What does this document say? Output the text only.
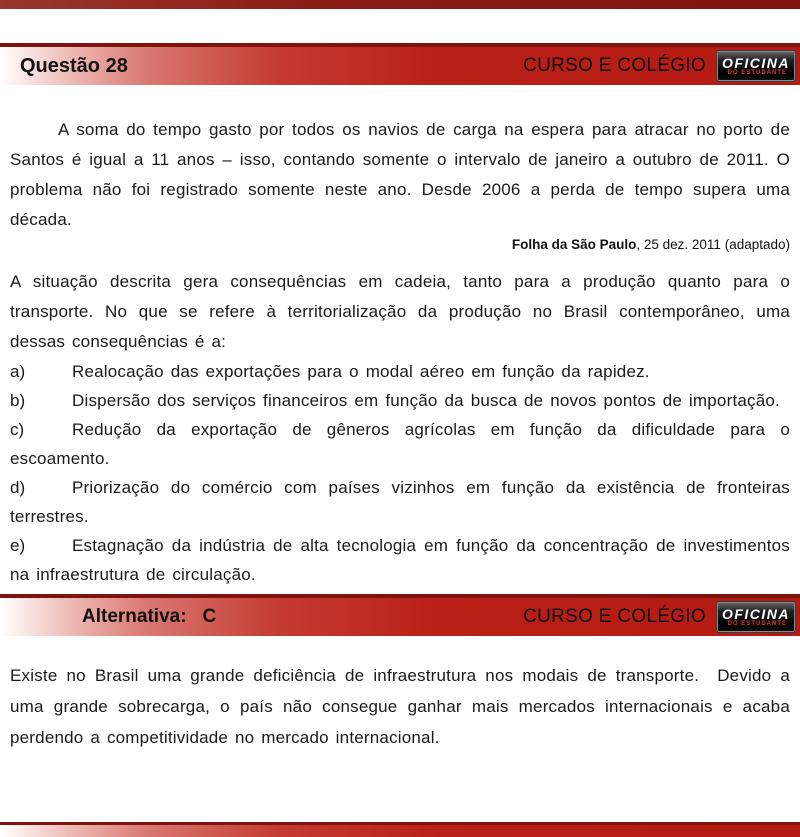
Questão 28	CURSO E COLÉGIO OFICINA
DO ESTUDANTE

A soma do tempo gasto por todos os navios de carga na espera para atracar no porto de Santos é igual a 11 anos – isso, contando somente o intervalo de janeiro a outubro de 2011. O problema não foi registrado somente neste ano. Desde 2006 a perda de tempo supera uma década.

Folha da São Paulo, 25 dez. 2011 (adaptado)

A situação descrita gera consequências em cadeia, tanto para a produção quanto para o transporte. No que se refere à territorialização da produção no Brasil contemporâneo, uma dessas consequências é a:

a)	Realocação das exportações para o modal aéreo em função da rapidez.
b)	Dispersão dos serviços financeiros em função da busca de novos pontos de importação.
c)	Redução da exportação de gêneros agrícolas em função da dificuldade para o escoamento.
d)	Priorização do comércio com países vizinhos em função da existência de fronteiras terrestres.
e)	Estagnação da indústria de alta tecnologia em função da concentração de investimentos na infraestrutura de circulação.
Alternativa: C	CURSO E COLÉGIO OFICINA
DO ESTUDANTE

Existe no Brasil uma grande deficiência de infraestrutura nos modais de transporte.  Devido a uma grande sobrecarga, o país não consegue ganhar mais mercados internacionais e acaba perdendo a competitividade no mercado internacional.
